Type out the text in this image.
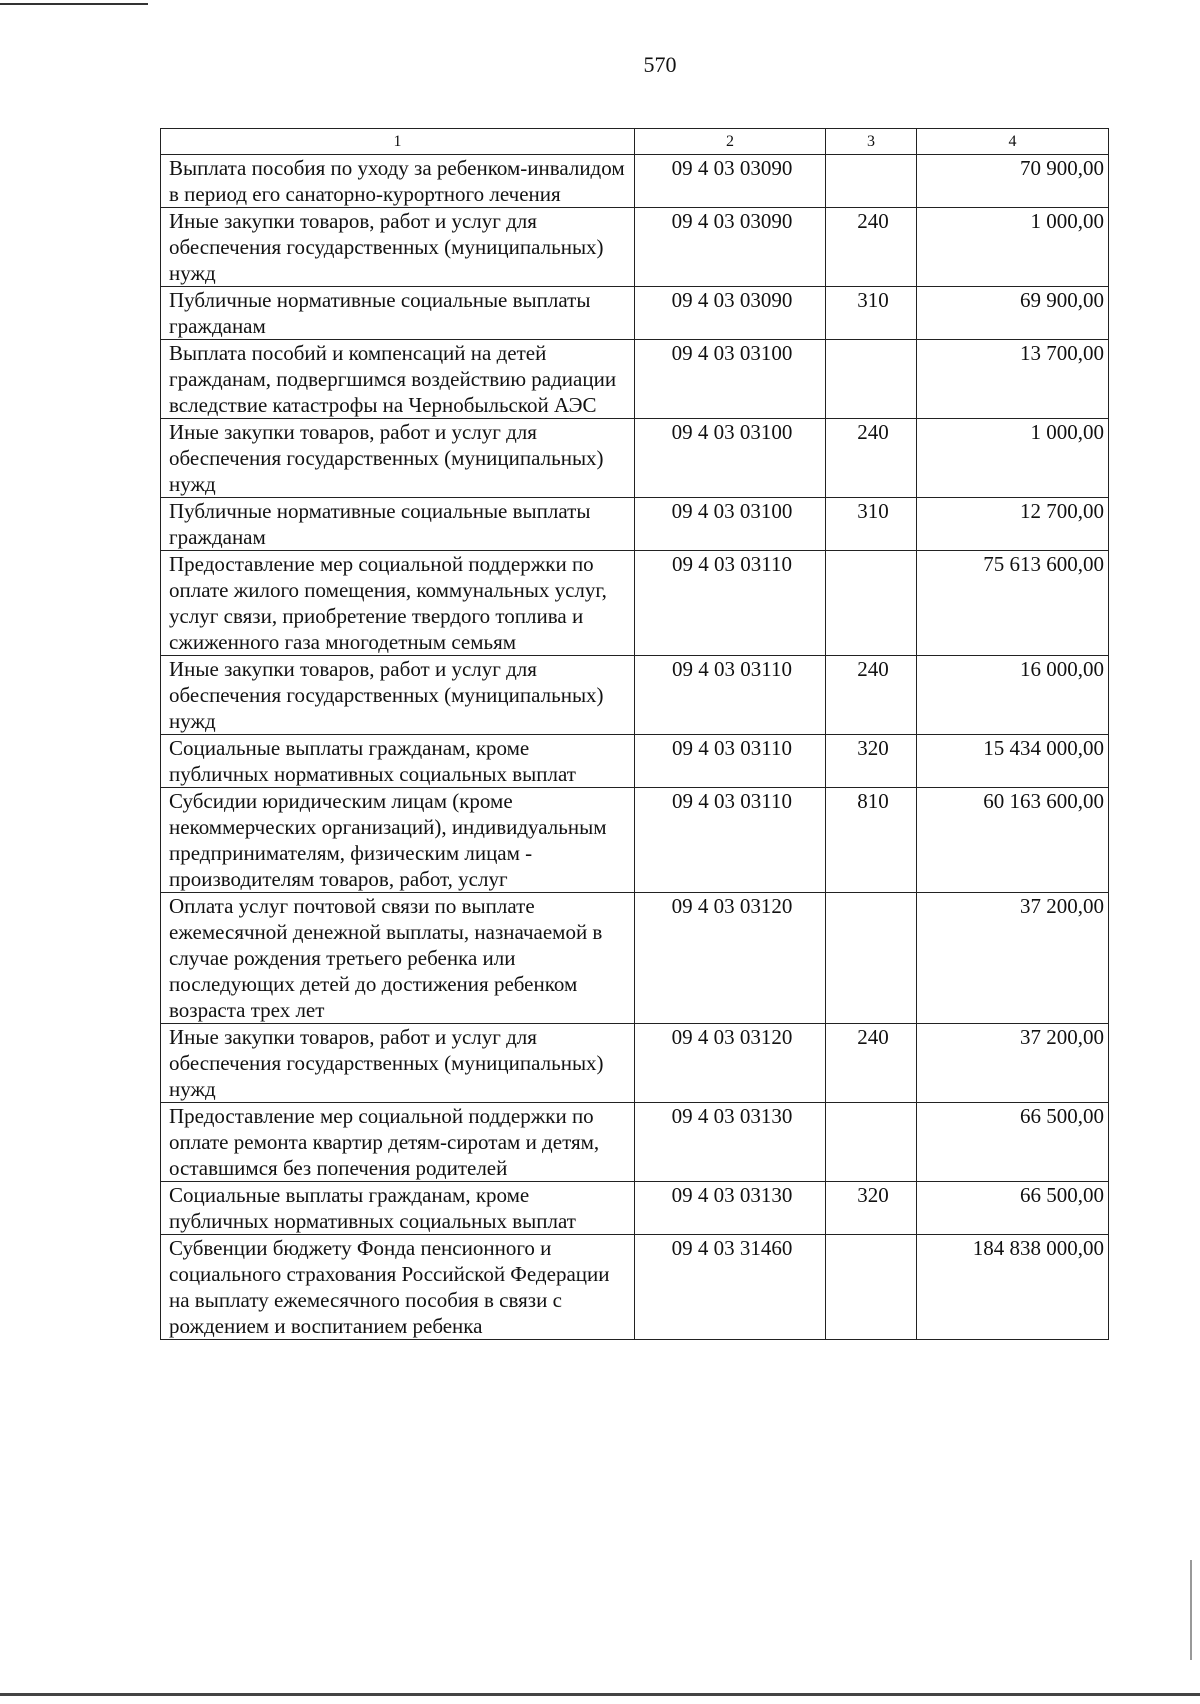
570
1	2	3	4
Выплата пособия по уходу за ребенком-инвалидом в период его санаторно-курортного лечения	09 4 03 03090		70 900,00
Иные закупки товаров, работ и услуг для обеспечения государственных (муниципальных) нужд	09 4 03 03090	240	1 000,00
Публичные нормативные социальные выплаты гражданам	09 4 03 03090	310	69 900,00
Выплата пособий и компенсаций на детей гражданам, подвергшимся воздействию радиации вследствие катастрофы на Чернобыльской АЭС	09 4 03 03100		13 700,00
Иные закупки товаров, работ и услуг для обеспечения государственных (муниципальных) нужд	09 4 03 03100	240	1 000,00
Публичные нормативные социальные выплаты гражданам	09 4 03 03100	310	12 700,00
Предоставление мер социальной поддержки по оплате жилого помещения, коммунальных услуг, услуг связи, приобретение твердого топлива и сжиженного газа многодетным семьям	09 4 03 03110		75 613 600,00
Иные закупки товаров, работ и услуг для обеспечения государственных (муниципальных) нужд	09 4 03 03110	240	16 000,00
Социальные выплаты гражданам, кроме публичных нормативных социальных выплат	09 4 03 03110	320	15 434 000,00
Субсидии юридическим лицам (кроме некоммерческих организаций), индивидуальным предпринимателям, физическим лицам - производителям товаров, работ, услуг	09 4 03 03110	810	60 163 600,00
Оплата услуг почтовой связи по выплате ежемесячной денежной выплаты, назначаемой в случае рождения третьего ребенка или последующих детей до достижения ребенком возраста трех лет	09 4 03 03120		37 200,00
Иные закупки товаров, работ и услуг для обеспечения государственных (муниципальных) нужд	09 4 03 03120	240	37 200,00
Предоставление мер социальной поддержки по оплате ремонта квартир детям-сиротам и детям, оставшимся без попечения родителей	09 4 03 03130		66 500,00
Социальные выплаты гражданам, кроме публичных нормативных социальных выплат	09 4 03 03130	320	66 500,00
Субвенции бюджету Фонда пенсионного и социального страхования Российской Федерации на выплату ежемесячного пособия в связи с рождением и воспитанием ребенка	09 4 03 31460		184 838 000,00
